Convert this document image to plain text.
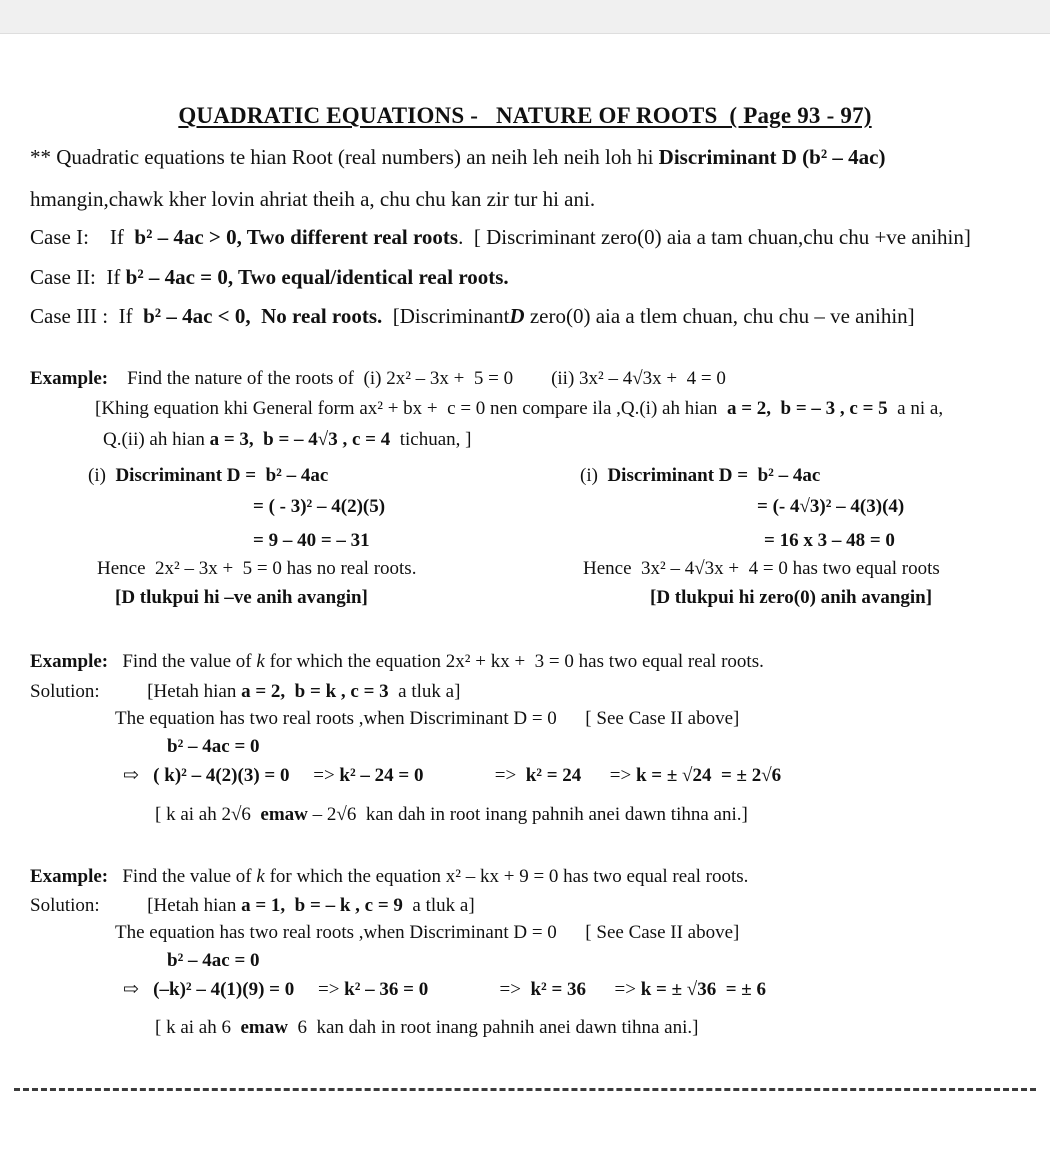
QUADRATIC EQUATIONS -   NATURE OF ROOTS  ( Page 93 - 97)
** Quadratic equations te hian Root (real numbers) an neih leh neih loh hi Discriminant D (b² – 4ac)
hmangin,chawk kher lovin ahriat theih a, chu chu kan zir tur hi ani.
Case I:    If  b² – 4ac > 0, Two different real roots.  [ Discriminant zero(0) aia a tam chuan,chu chu +ve anihin]
Case II:  If b² – 4ac = 0, Two equal/identical real roots.
Case III :  If  b² – 4ac < 0,  No real roots.  [DiscriminantD zero(0) aia a tlem chuan, chu chu – ve anihin]
Example:    Find the nature of the roots of  (i) 2x² – 3x +  5 = 0        (ii) 3x² – 4√3x +  4 = 0
[Khing equation khi General form ax² + bx +  c = 0 nen compare ila ,Q.(i) ah hian  a = 2,  b = – 3 , c = 5  a ni a,
Q.(ii) ah hian a = 3,  b = – 4√3 , c = 4  tichuan, ]
(i)  Discriminant D =  b² – 4ac
= ( - 3)² – 4(2)(5)
= 9 – 40 = – 31
Hence  2x² – 3x +  5 = 0 has no real roots.
[D tlukpui hi –ve anih avangin]
(i)  Discriminant D =  b² – 4ac
= (- 4√3)² – 4(3)(4)
= 16 x 3 – 48 = 0
Hence  3x² – 4√3x +  4 = 0 has two equal roots
[D tlukpui hi zero(0) anih avangin]
Example:   Find the value of k for which the equation 2x² + kx +  3 = 0 has two equal real roots.
Solution:          [Hetah hian a = 2,  b = k , c = 3  a tluk a]
The equation has two real roots ,when Discriminant D = 0      [ See Case II above]
b² – 4ac = 0
⇨   ( k)² – 4(2)(3) = 0     => k² – 24 = 0               =>  k² = 24      => k = ± √24  = ± 2√6
[ k ai ah 2√6  emaw – 2√6  kan dah in root inang pahnih anei dawn tihna ani.]
Example:   Find the value of k for which the equation x² – kx + 9 = 0 has two equal real roots.
Solution:          [Hetah hian a = 1,  b = – k , c = 9  a tluk a]
The equation has two real roots ,when Discriminant D = 0      [ See Case II above]
b² – 4ac = 0
⇨   (–k)² – 4(1)(9) = 0     => k² – 36 = 0               =>  k² = 36      => k = ± √36  = ± 6
[ k ai ah 6  emaw  6  kan dah in root inang pahnih anei dawn tihna ani.]
